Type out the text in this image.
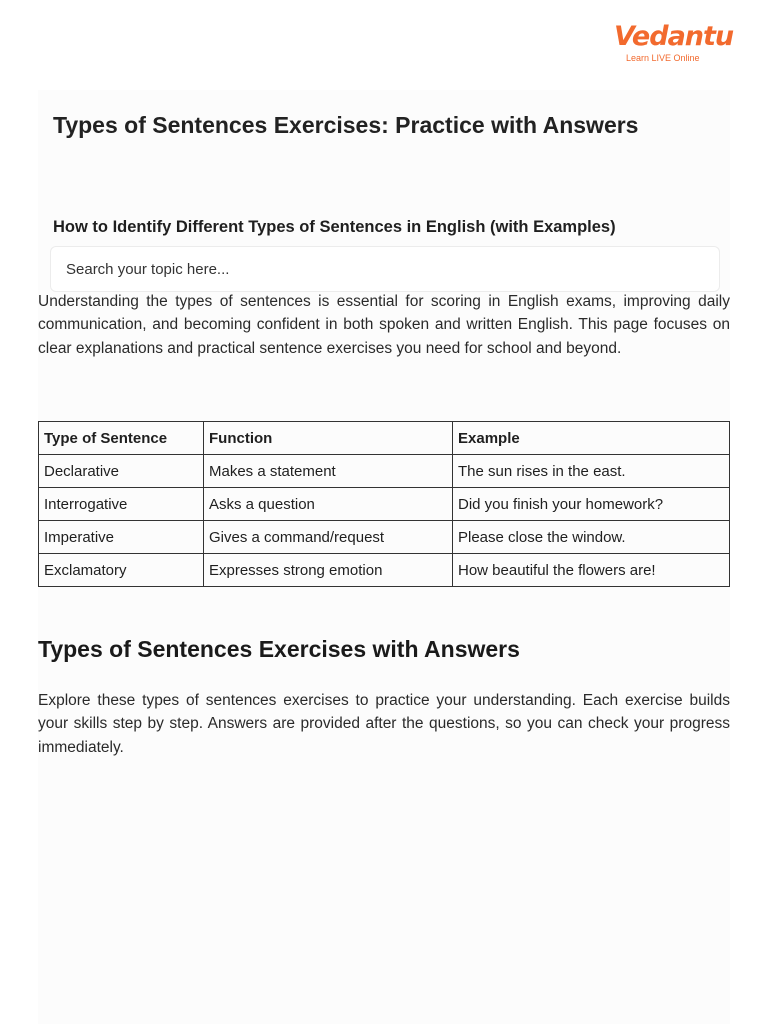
Vedantu
Learn LIVE Online
Types of Sentences Exercises: Practice with Answers
How to Identify Different Types of Sentences in English (with Examples)
Search your topic here...

Understanding the types of sentences is essential for scoring in English exams, improving daily communication, and becoming confident in both spoken and written English. This page focuses on clear explanations and practical sentence exercises you need for school and beyond.

Type of Sentence	Function	Example
Declarative	Makes a statement	The sun rises in the east.
Interrogative	Asks a question	Did you finish your homework?
Imperative	Gives a command/request	Please close the window.
Exclamatory	Expresses strong emotion	How beautiful the flowers are!
Types of Sentences Exercises with Answers

Explore these types of sentences exercises to practice your understanding. Each exercise builds your skills step by step. Answers are provided after the questions, so you can check your progress immediately.
